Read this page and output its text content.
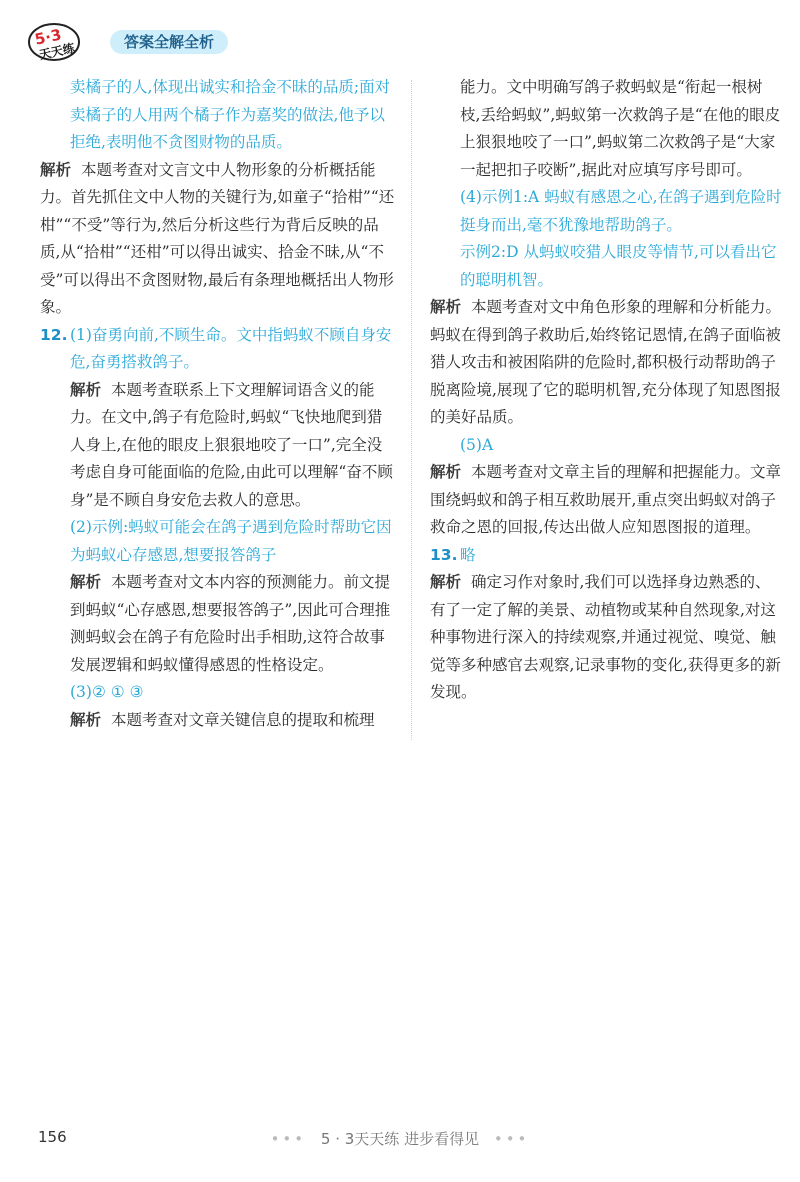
5·3
天天练	答案全解全析

卖橘子的人,体现出诚实和拾金不昧的品质;面对卖橘子的人用两个橘子作为嘉奖的做法,他予以拒绝,表明他不贪图财物的品质。

解析 本题考查对文言文中人物形象的分析概括能力。首先抓住文中人物的关键行为,如童子“拾柑”“还柑”“不受”等行为,然后分析这些行为背后反映的品质,从“拾柑”“还柑”可以得出诚实、拾金不昧,从“不受”可以得出不贪图财物,最后有条理地概括出人物形象。

12. (1)奋勇向前,不顾生命。文中指蚂蚁不顾自身安危,奋勇搭救鸽子。

解析 本题考查联系上下文理解词语含义的能力。在文中,鸽子有危险时,蚂蚁“飞快地爬到猎人身上,在他的眼皮上狠狠地咬了一口”,完全没考虑自身可能面临的危险,由此可以理解“奋不顾身”是不顾自身安危去救人的意思。

(2)示例:蚂蚁可能会在鸽子遇到危险时帮助它因为蚂蚁心存感恩,想要报答鸽子

解析 本题考查对文本内容的预测能力。前文提到蚂蚁“心存感恩,想要报答鸽子”,因此可合理推测蚂蚁会在鸽子有危险时出手相助,这符合故事发展逻辑和蚂蚁懂得感恩的性格设定。

(3)② ① ③

解析 本题考查对文章关键信息的提取和梳理

能力。文中明确写鸽子救蚂蚁是“衔起一根树枝,丢给蚂蚁”,蚂蚁第一次救鸽子是“在他的眼皮上狠狠地咬了一口”,蚂蚁第二次救鸽子是“大家一起把扣子咬断”,据此对应填写序号即可。

(4)示例1:A 蚂蚁有感恩之心,在鸽子遇到危险时挺身而出,毫不犹豫地帮助鸽子。

示例2:D 从蚂蚁咬猎人眼皮等情节,可以看出它的聪明机智。

解析 本题考查对文中角色形象的理解和分析能力。蚂蚁在得到鸽子救助后,始终铭记恩情,在鸽子面临被猎人攻击和被困陷阱的危险时,都积极行动帮助鸽子脱离险境,展现了它的聪明机智,充分体现了知恩图报的美好品质。

(5)A

解析 本题考查对文章主旨的理解和把握能力。文章围绕蚂蚁和鸽子相互救助展开,重点突出蚂蚁对鸽子救命之恩的回报,传达出做人应知恩图报的道理。

13. 略

解析 确定习作对象时,我们可以选择身边熟悉的、有了一定了解的美景、动植物或某种自然现象,对这种事物进行深入的持续观察,并通过视觉、嗅觉、触觉等多种感官去观察,记录事物的变化,获得更多的新发现。

156	••• 5 · 3天天练 进步看得见 •••
